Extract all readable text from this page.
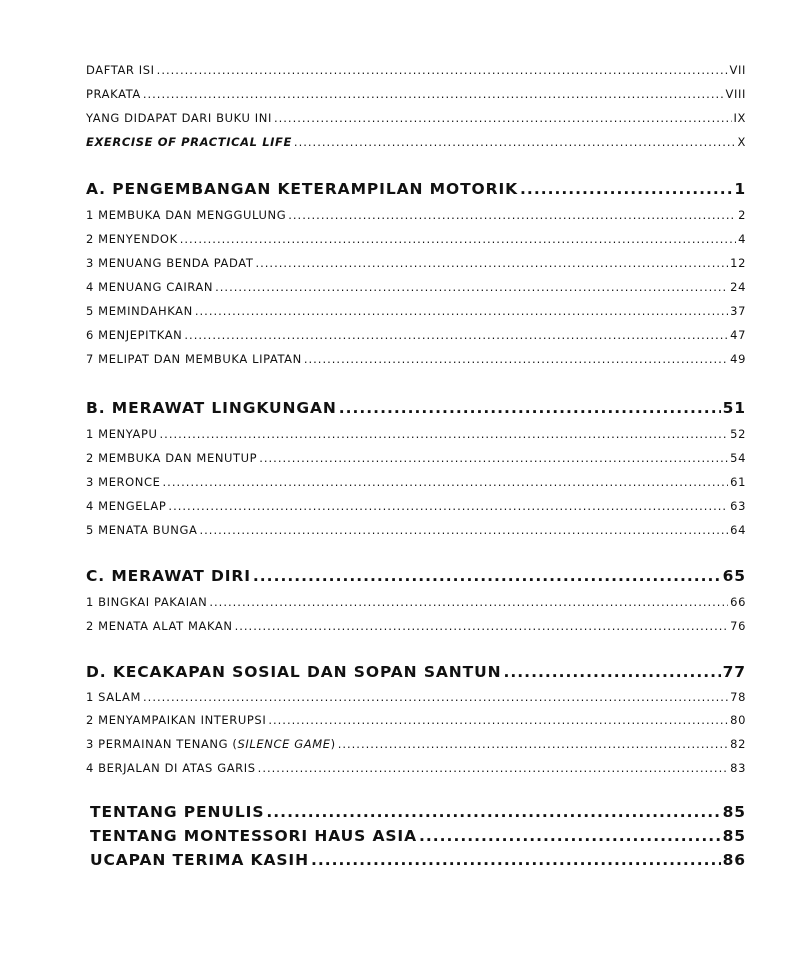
DAFTAR ISI .....	VII
PRAKATA .....	VIII
YANG DIDAPAT DARI BUKU INI .....	IX
EXERCISE OF PRACTICAL LIFE .....	X
A. PENGEMBANGAN KETERAMPILAN MOTORIK .....	1
1 MEMBUKA DAN MENGGULUNG .....	2
2 MENYENDOK .....	4
3 MENUANG BENDA PADAT .....	12
4 MENUANG CAIRAN .....	24
5 MEMINDAHKAN .....	37
6 MENJEPITKAN .....	47
7 MELIPAT DAN MEMBUKA LIPATAN .....	49
B. MERAWAT LINGKUNGAN .....	51
1 MENYAPU .....	52
2 MEMBUKA DAN MENUTUP .....	54
3 MERONCE .....	61
4 MENGELAP .....	63
5 MENATA BUNGA .....	64
C. MERAWAT DIRI .....	65
1 BINGKAI PAKAIAN .....	66
2 MENATA ALAT MAKAN .....	76
D. KECAKAPAN SOSIAL DAN SOPAN SANTUN .....	77
1 SALAM .....	78
2 MENYAMPAIKAN INTERUPSI .....	80
3 PERMAINAN TENANG (SILENCE GAME) .....	82
4 BERJALAN DI ATAS GARIS .....	83
TENTANG PENULIS .....	85
TENTANG MONTESSORI HAUS ASIA .....	85
UCAPAN TERIMA KASIH .....	86
